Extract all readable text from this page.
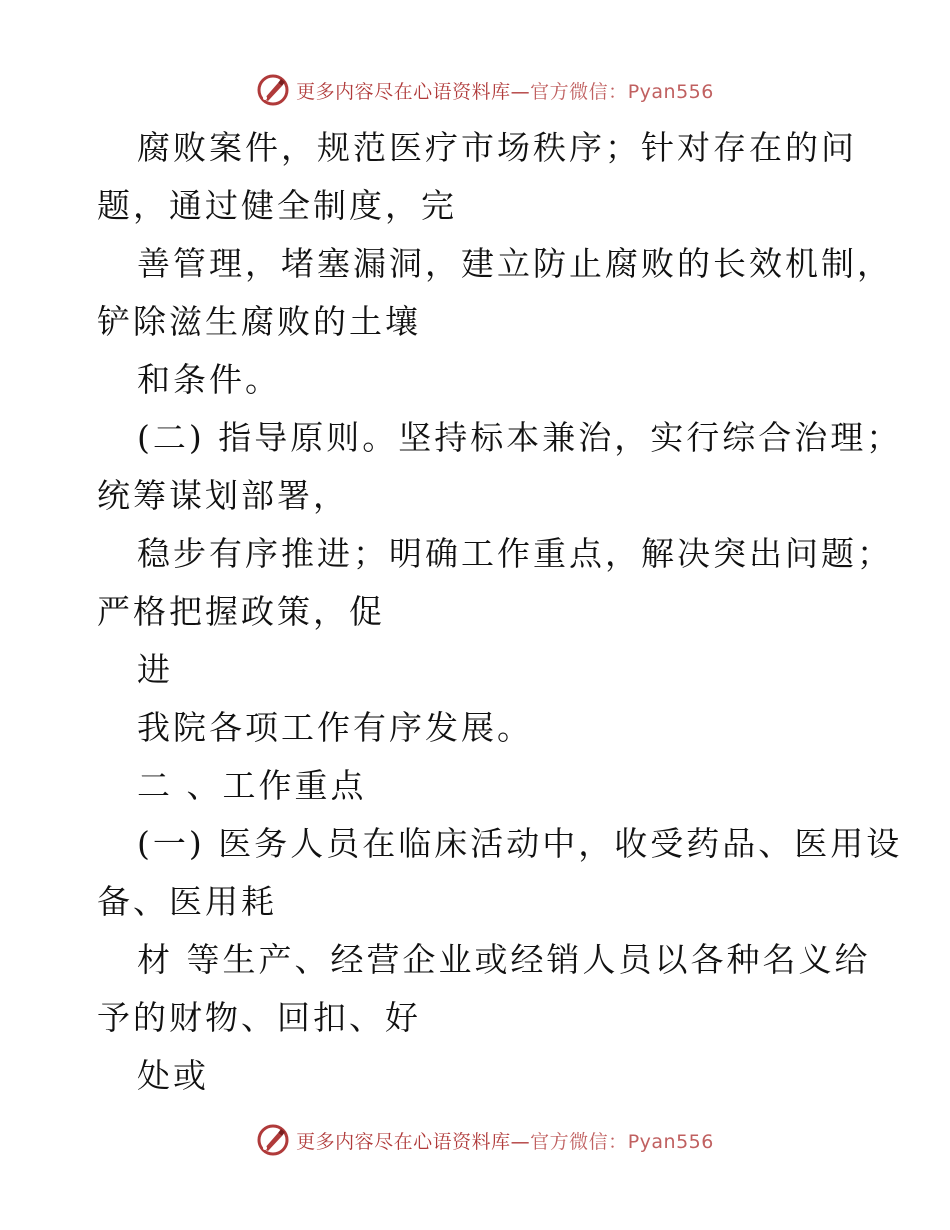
更多内容尽在心语资料库—官方微信：Pyan556
腐败案件，规范医疗市场秩序；针对存在的问
题，通过健全制度，完
善管理，堵塞漏洞，建立防止腐败的长效机制，
铲除滋生腐败的土壤
和条件。
(二) 指导原则。坚持标本兼治，实行综合治理；
统筹谋划部署，
稳步有序推进；明确工作重点，解决突出问题；
严格把握政策，促
进
我院各项工作有序发展。
二 、工作重点
(一) 医务人员在临床活动中，收受药品、医用设
备、医用耗
材 等生产、经营企业或经销人员以各种名义给
予的财物、回扣、好
处或
更多内容尽在心语资料库—官方微信：Pyan556
